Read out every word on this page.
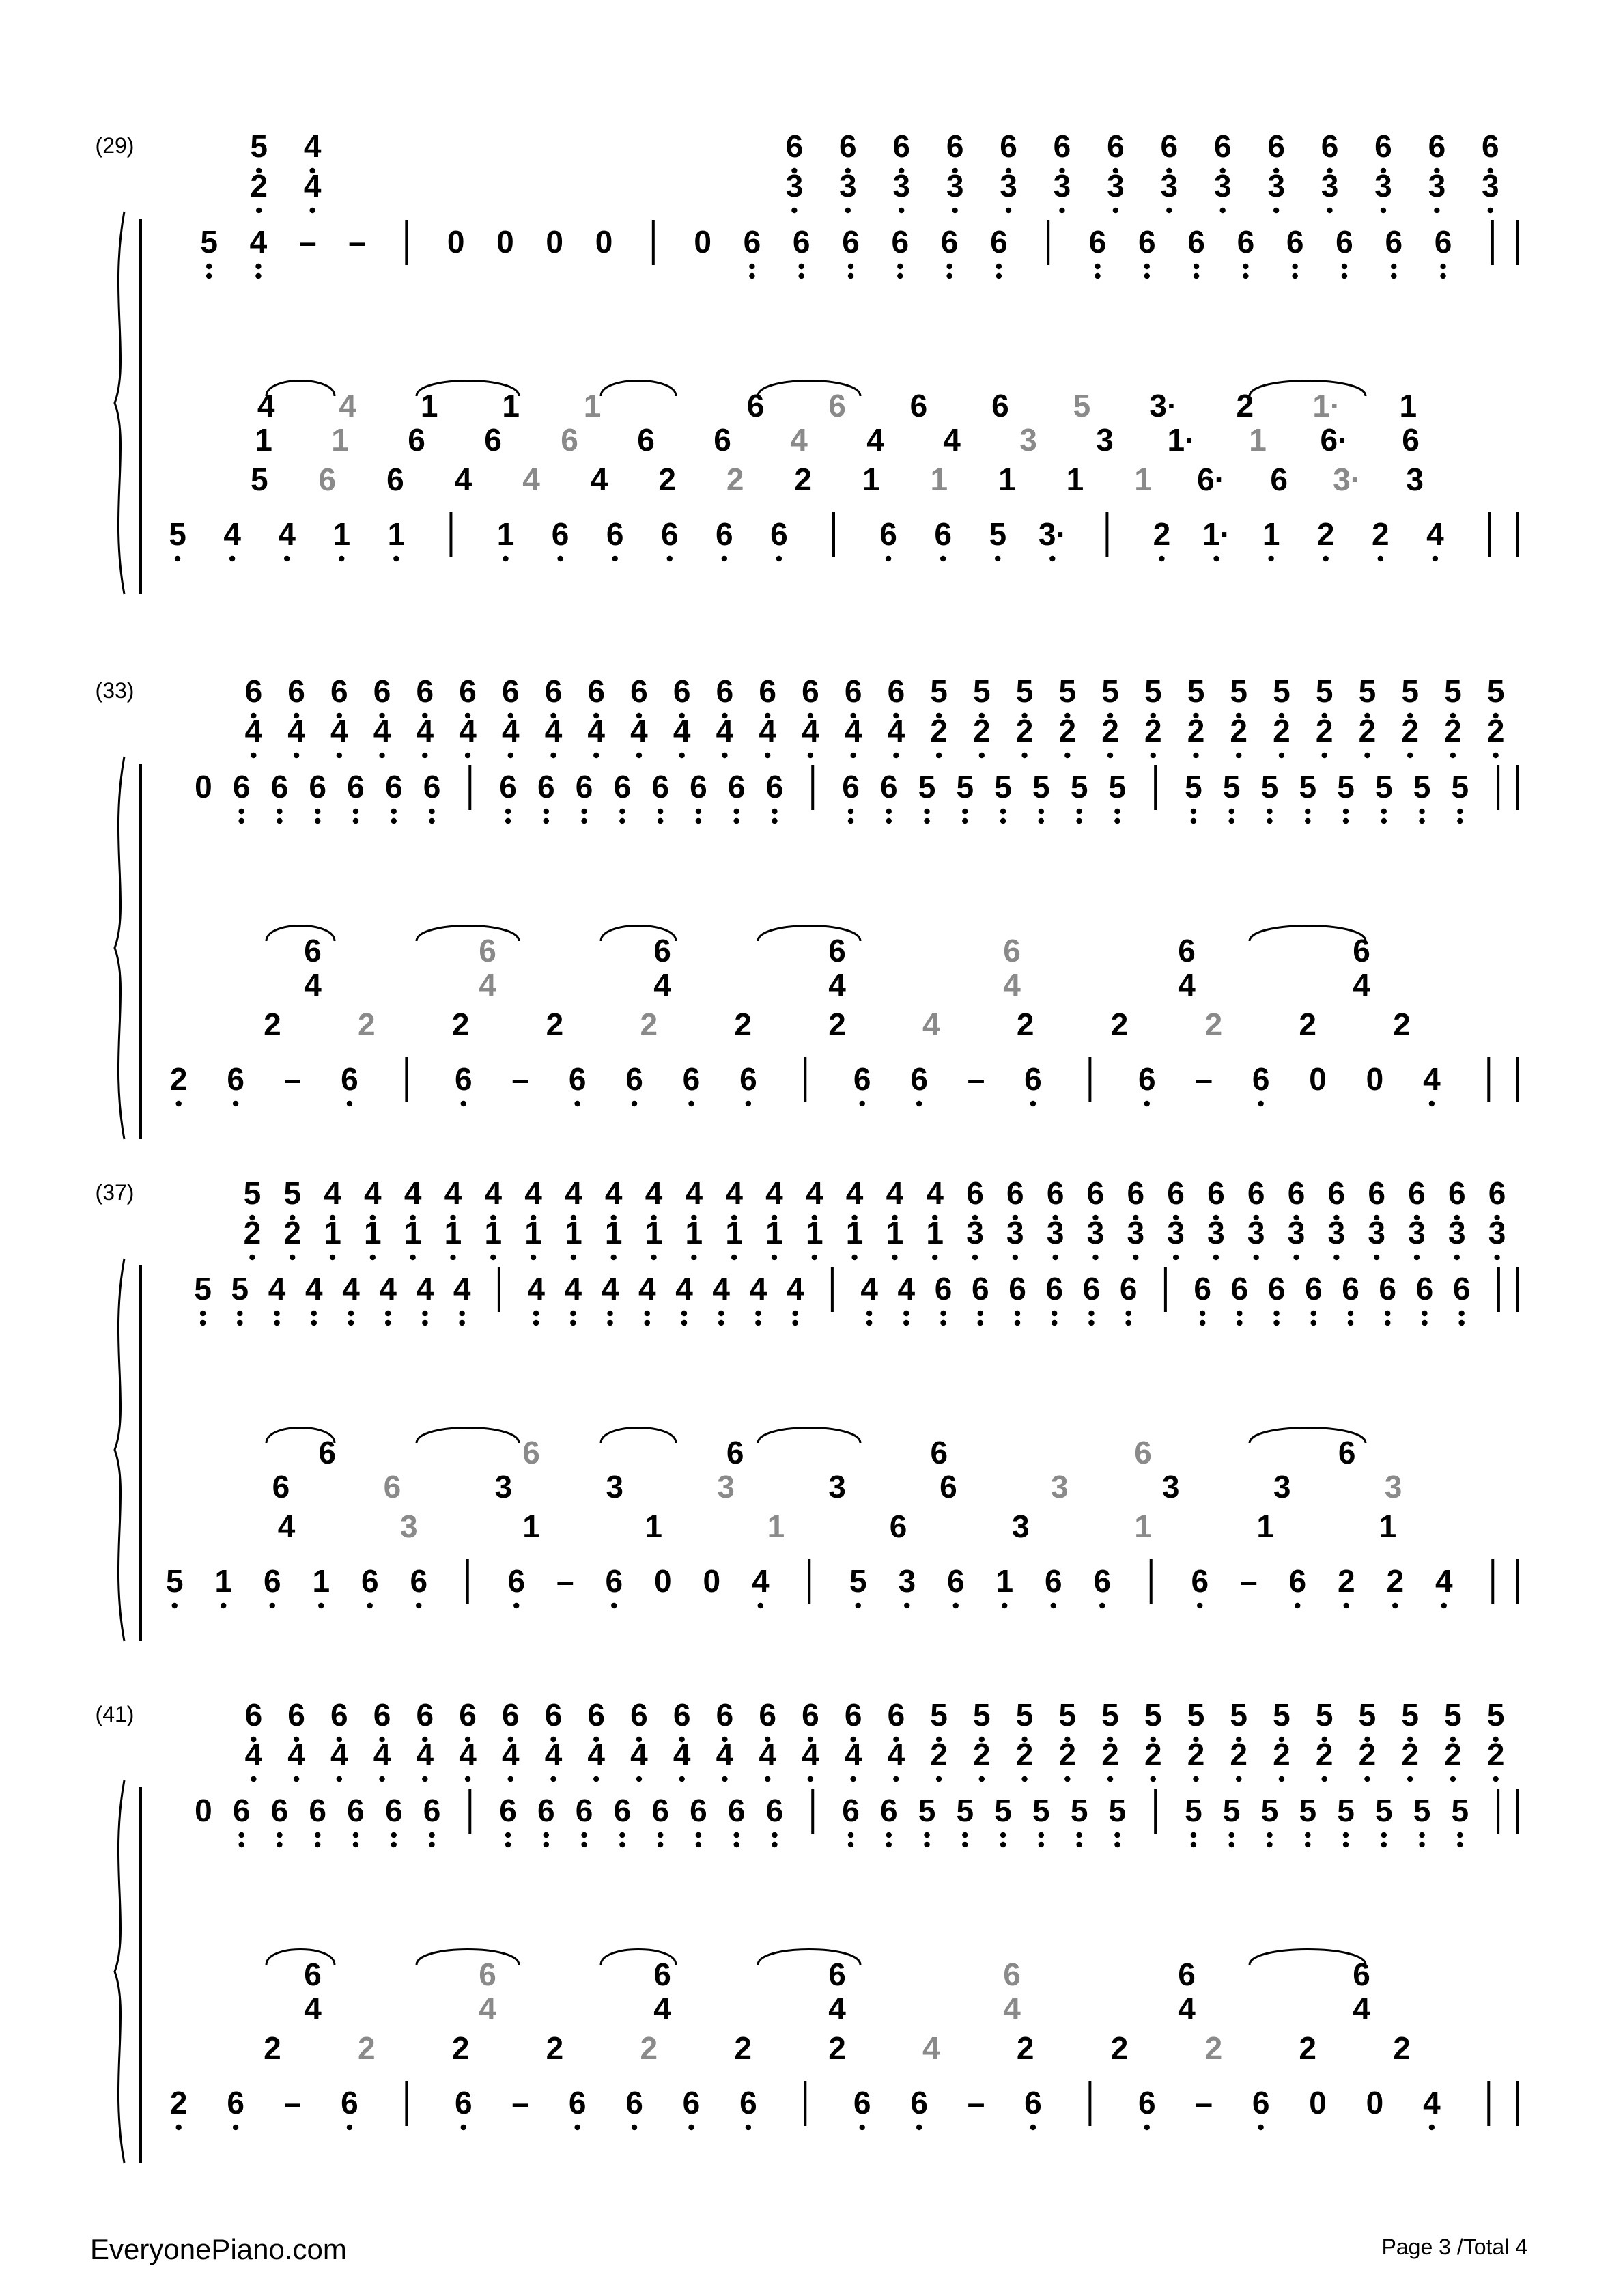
(29)
5 4 – –	0 0 0 0	0 6 6 6 6 6 6	6 6 6 6 6 6 6 6
5 4	6 6 6 6 6 6 6 6 6 6 6 6 6 6
2 4	3 3 3 3 3 3 3 3 3 3 3 3 3 3
4 4 1 1 1	6 6 6 6 5 3· 2 1· 1
1 1 6 6 6 6 6 4 4 4 3 3 1· 1 6· 6
5 6 6 4 4 4 2 2 2 1 1 1 1 1 6· 6 3· 3
5 4 4 1 1	1 6 6 6 6 6	6 6 5 3·	2 1· 1 2 2 4
(33)
0 6 6 6 6 6 6 6 6 6 6 6 6 6 6 6 6 5 5 5 5 5 5 5 5 5 5 5 5 5 5
6 6 6 6 6 6 6 6 6 6 6 6 6 6 6 6 5 5 5 5 5 5 5 5 5 5 5 5 5 5
4 4 4 4 4 4 4 4 4 4 4 4 4 4 4 4 2 2 2 2 2 2 2 2 2 2 2 2 2 2
6	6	6	6	6	6	6
4	4	4	4	4	4	4
2 2 2 2 2 2 2 4 2 2 2 2 2
2 6 – 6	6 – 6 6 6 6	6 6 – 6	6 – 6 0 0 4
(37)
5 5 4 4 4 4 4 4 4 4 4 4 4 4 4 4 4 4 6 6 6 6 6 6 6 6 6 6 6 6 6 6
5 5 4 4 4 4 4 4 4 4 4 4 4 4 4 4 4 4 6 6 6 6 6 6 6 6 6 6 6 6 6 6
2 2 1 1 1 1 1 1 1 1 1 1 1 1 1 1 1 1 3 3 3 3 3 3 3 3 3 3 3 3 3 3
6	6	6	6	6	6
6	6	3	3	3	3	6	3	3	3	3
4	3	1	1	1	6	3	1	1	1
5 1 6 1 6 6	6 – 6 0 0 4	5 3 6 1 6 6	6 – 6 2 2 4
(41)
0 6 6 6 6 6 6 6 6 6 6 6 6 6 6 6 6 5 5 5 5 5 5 5 5 5 5 5 5 5 5
6 6 6 6 6 6 6 6 6 6 6 6 6 6 6 6 5 5 5 5 5 5 5 5 5 5 5 5 5 5
4 4 4 4 4 4 4 4 4 4 4 4 4 4 4 4 2 2 2 2 2 2 2 2 2 2 2 2 2 2
6	6	6	6	6	6	6
4	4	4	4	4	4	4
2 2 2 2 2 2 2 4 2 2 2 2 2
2 6 – 6	6 – 6 6 6 6	6 6 – 6	6 – 6 0 0 4
EveryonePiano.com	Page 3 /Total 4
